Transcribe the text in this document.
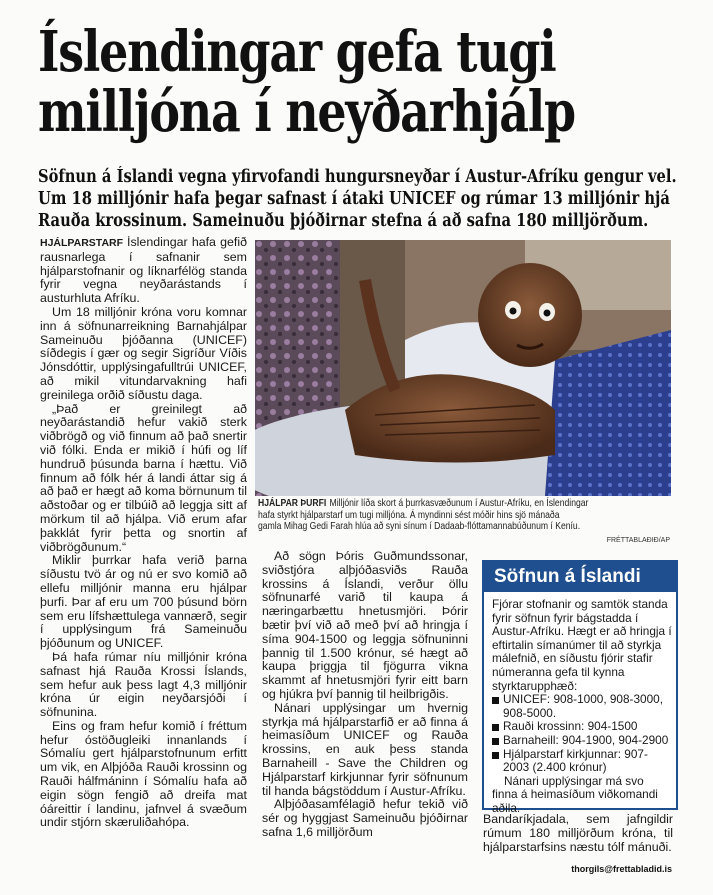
Íslendingar gefa tugi
milljóna í neyðarhjálp
Söfnun á Íslandi vegna yfirvofandi hungursneyðar í Austur-Afríku gengur vel.
Um 18 milljónir hafa þegar safnast í átaki UNICEF og rúmar 13 milljónir hjá
Rauða krossinum. Sameinuðu þjóðirnar stefna á að safna 180 milljörðum.

HJÁLPARSTARF Íslendingar hafa gefið rausnarlega í safnanir sem hjálparstofnanir og líknarfélög standa fyrir vegna neyðarástands í austurhluta Afríku.

Um 18 milljónir króna voru komnar inn á söfnunarreikning Barnahjálpar Sameinuðu þjóðanna (UNICEF) síðdegis í gær og segir Sigríður Víðis Jónsdóttir, upplýsingafulltrúi UNICEF, að mikil vitundarvakning hafi greinilega orðið síðustu daga.

„Það er greinilegt að neyðarástandið hefur vakið sterk viðbrögð og við finnum að það snertir við fólki. Enda er mikið í húfi og líf hundruð þúsunda barna í hættu. Við finnum að fólk hér á landi áttar sig á að það er hægt að koma börnunum til aðstoðar og er tilbúið að leggja sitt af mörkum til að hjálpa. Við erum afar þakklát fyrir þetta og snortin af viðbrögðunum.“

Miklir þurrkar hafa verið þarna síðustu tvö ár og nú er svo komið að ellefu milljónir manna eru hjálpar þurfi. Þar af eru um 700 þúsund börn sem eru lífshættulega vannærð, segir í upplýsingum frá Sameinuðu þjóðunum og UNICEF.

Þá hafa rúmar níu milljónir króna safnast hjá Rauða Krossi Íslands, sem hefur auk þess lagt 4,3 milljónir króna úr eigin neyðarsjóði í söfnunina.

Eins og fram hefur komið í fréttum hefur óstöðugleiki innanlands í Sómalíu gert hjálparstofnunum erfitt um vik, en Alþjóða Rauði krossinn og Rauði hálfmáninn í Sómalíu hafa að eigin sögn fengið að dreifa mat óáreittir í landinu, jafnvel á svæðum undir stjórn skæruliðahópa.

HJÁLPAR ÞURFI Milljónir líða skort á þurrkasvæðunum í Austur-Afríku, en Íslendingar
hafa styrkt hjálparstarf um tugi milljóna. Á myndinni sést móðir hins sjö mánaða
gamla Mihag Gedi Farah hlúa að syni sínum í Dadaab-flóttamannabúðunum í Keníu.
FRÉTTABLAÐIÐ/AP

Að sögn Þóris Guðmundssonar, sviðstjóra alþjóðasviðs Rauða krossins á Íslandi, verður öllu söfnunarfé varið til kaupa á næringarbættu hnetusmjöri. Þórir bætir því við að með því að hringja í síma 904-1500 og leggja söfnuninni þannig til 1.500 krónur, sé hægt að kaupa þriggja til fjögurra vikna skammt af hnetusmjöri fyrir eitt barn og hjúkra því þannig til heilbrigðis.

Nánari upplýsingar um hvernig styrkja má hjálparstarfið er að finna á heimasíðum UNICEF og Rauða krossins, en auk þess standa Barnaheill - Save the Children og Hjálparstarf kirkjunnar fyrir söfnunum til handa bágstöddum í Austur-Afríku.

Alþjóðasamfélagið hefur tekið við sér og hyggjast Sameinuðu þjóðirnar safna 1,6 milljörðum

Söfnun á Íslandi

Fjórar stofnanir og samtök standa fyrir söfnun fyrir bágstadda í Austur-Afríku. Hægt er að hringja í eftirtalin símanúmer til að styrkja málefnið, en síðustu fjórir stafir númeranna gefa til kynna styrktarupphæð:

UNICEF: 908-1000, 908-3000, 908-5000.
Rauði krossinn: 904-1500
Barnaheill: 904-1900, 904-2900
Hjálparstarf kirkjunnar: 907-2003 (2.400 krónur)

Nánari upplýsingar má svo finna á heimasíðum viðkomandi aðila.

Bandaríkjadala, sem jafngildir rúmum 180 milljörðum króna, til hjálparstarfsins næstu tólf mánuði.

thorgils@frettabladid.is
